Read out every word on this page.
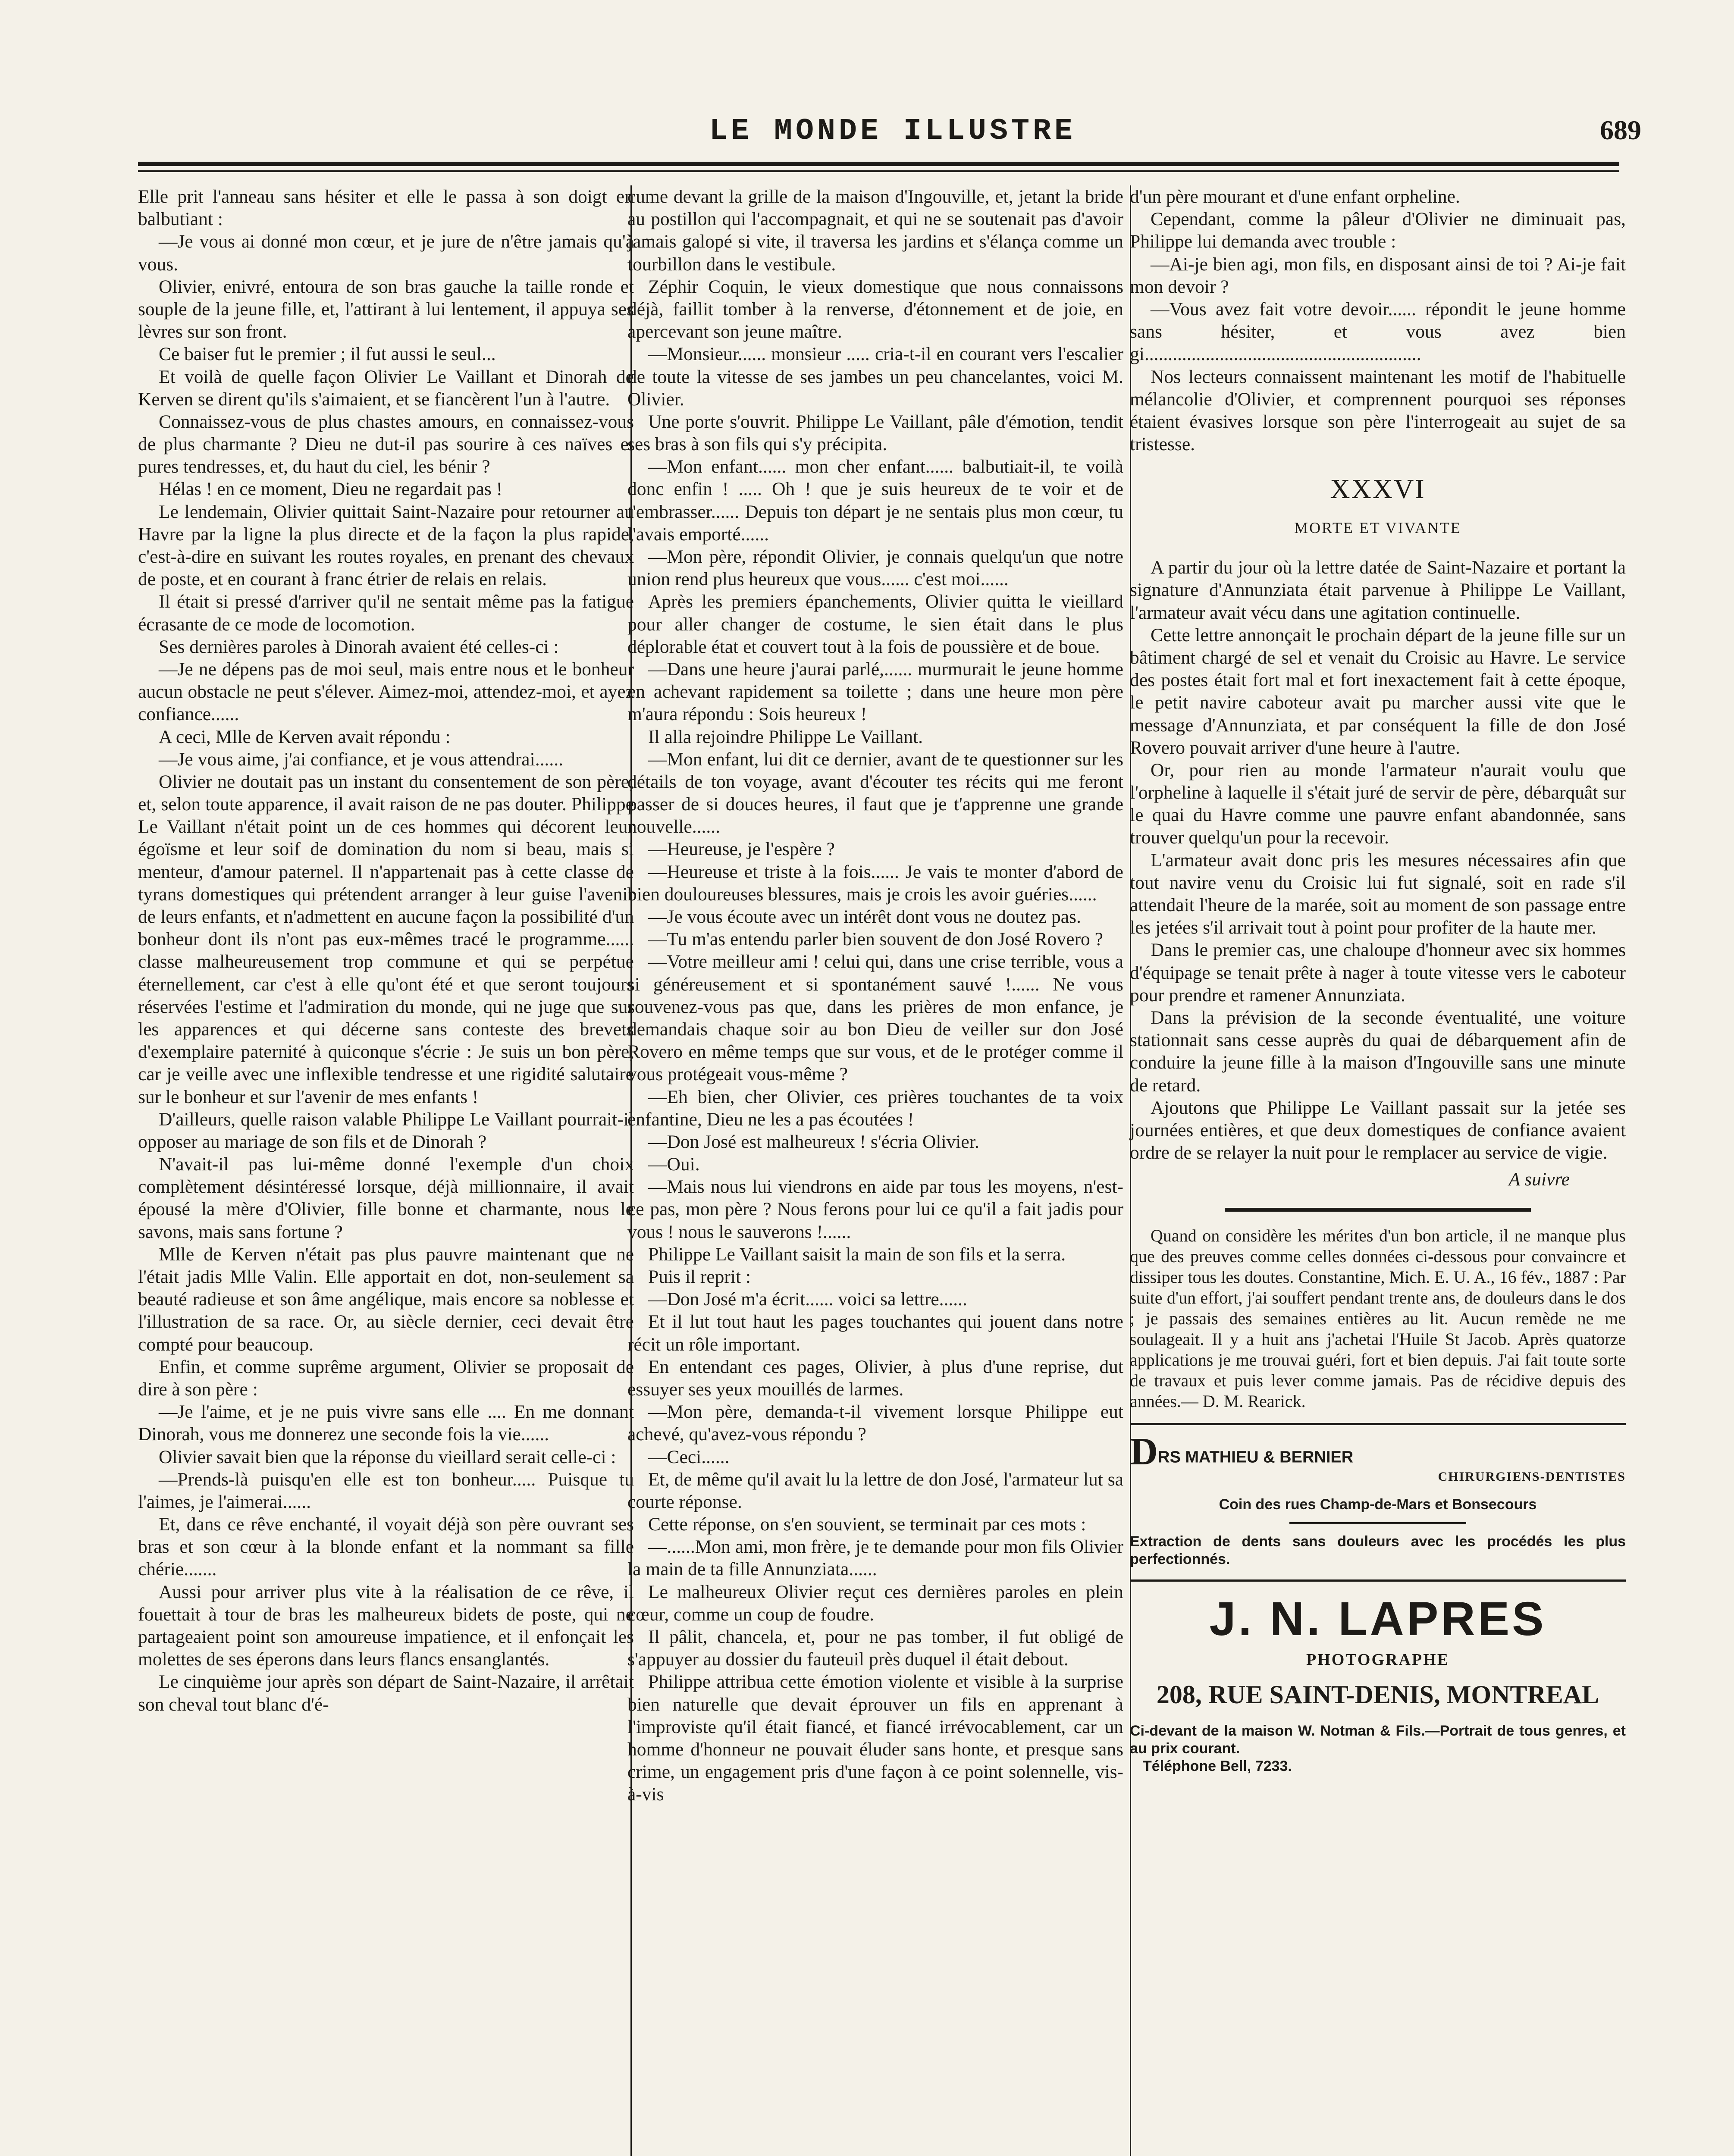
LE MONDE ILLUSTRE	689

Elle prit l'anneau sans hésiter et elle le passa à son doigt en balbutiant :

—Je vous ai donné mon cœur, et je jure de n'être jamais qu'à vous.

Olivier, enivré, entoura de son bras gauche la taille ronde et souple de la jeune fille, et, l'attirant à lui lentement, il appuya ses lèvres sur son front.

Ce baiser fut le premier ; il fut aussi le seul...

Et voilà de quelle façon Olivier Le Vaillant et Dinorah de Kerven se dirent qu'ils s'aimaient, et se fiancèrent l'un à l'autre.

Connaissez-vous de plus chastes amours, en connaissez-vous de plus charmante ? Dieu ne dut-il pas sourire à ces naïves et pures tendresses, et, du haut du ciel, les bénir ?

Hélas ! en ce moment, Dieu ne regardait pas !

Le lendemain, Olivier quittait Saint-Nazaire pour retourner au Havre par la ligne la plus directe et de la façon la plus rapide, c'est-à-dire en suivant les routes royales, en prenant des chevaux de poste, et en courant à franc étrier de relais en relais.

Il était si pressé d'arriver qu'il ne sentait même pas la fatigue écrasante de ce mode de locomotion.

Ses dernières paroles à Dinorah avaient été celles-ci :

—Je ne dépens pas de moi seul, mais entre nous et le bonheur aucun obstacle ne peut s'élever. Aimez-moi, attendez-moi, et ayez confiance......

A ceci, Mlle de Kerven avait répondu :

—Je vous aime, j'ai confiance, et je vous attendrai......

Olivier ne doutait pas un instant du consentement de son père, et, selon toute apparence, il avait raison de ne pas douter. Philippe Le Vaillant n'était point un de ces hommes qui décorent leur égoïsme et leur soif de domination du nom si beau, mais si menteur, d'amour paternel. Il n'appartenait pas à cette classe de tyrans domestiques qui prétendent arranger à leur guise l'avenir de leurs enfants, et n'admettent en aucune façon la possibilité d'un bonheur dont ils n'ont pas eux-mêmes tracé le programme...... classe malheureusement trop commune et qui se perpétue éternellement, car c'est à elle qu'ont été et que seront toujours réservées l'estime et l'admiration du monde, qui ne juge que sur les apparences et qui décerne sans conteste des brevets d'exemplaire paternité à quiconque s'écrie : Je suis un bon père, car je veille avec une inflexible tendresse et une rigidité salutaire sur le bonheur et sur l'avenir de mes enfants !

D'ailleurs, quelle raison valable Philippe Le Vaillant pourrait-il opposer au mariage de son fils et de Dinorah ?

N'avait-il pas lui-même donné l'exemple d'un choix complètement désintéressé lorsque, déjà millionnaire, il avait épousé la mère d'Olivier, fille bonne et charmante, nous le savons, mais sans fortune ?

Mlle de Kerven n'était pas plus pauvre maintenant que ne l'était jadis Mlle Valin. Elle apportait en dot, non-seulement sa beauté radieuse et son âme angélique, mais encore sa noblesse et l'illustration de sa race. Or, au siècle dernier, ceci devait être compté pour beaucoup.

Enfin, et comme suprême argument, Olivier se proposait de dire à son père :

—Je l'aime, et je ne puis vivre sans elle .... En me donnant Dinorah, vous me donnerez une seconde fois la vie......

Olivier savait bien que la réponse du vieillard serait celle-ci :

—Prends-là puisqu'en elle est ton bonheur..... Puisque tu l'aimes, je l'aimerai......

Et, dans ce rêve enchanté, il voyait déjà son père ouvrant ses bras et son cœur à la blonde enfant et la nommant sa fille chérie.......

Aussi pour arriver plus vite à la réalisation de ce rêve, il fouettait à tour de bras les malheureux bidets de poste, qui ne partageaient point son amoureuse impatience, et il enfonçait les molettes de ses éperons dans leurs flancs ensanglantés.

Le cinquième jour après son départ de Saint-Nazaire, il arrêtait son cheval tout blanc d'é-

cume devant la grille de la maison d'Ingouville, et, jetant la bride au postillon qui l'accompagnait, et qui ne se soutenait pas d'avoir jamais galopé si vite, il traversa les jardins et s'élança comme un tourbillon dans le vestibule.

Zéphir Coquin, le vieux domestique que nous connaissons déjà, faillit tomber à la renverse, d'étonnement et de joie, en apercevant son jeune maître.

—Monsieur...... monsieur ..... cria-t-il en courant vers l'escalier de toute la vitesse de ses jambes un peu chancelantes, voici M. Olivier.

Une porte s'ouvrit. Philippe Le Vaillant, pâle d'émotion, tendit ses bras à son fils qui s'y précipita.

—Mon enfant...... mon cher enfant...... balbutiait-il, te voilà donc enfin ! ..... Oh ! que je suis heureux de te voir et de t'embrasser...... Depuis ton départ je ne sentais plus mon cœur, tu l'avais emporté......

—Mon père, répondit Olivier, je connais quelqu'un que notre union rend plus heureux que vous...... c'est moi......

Après les premiers épanchements, Olivier quitta le vieillard pour aller changer de costume, le sien était dans le plus déplorable état et couvert tout à la fois de poussière et de boue.

—Dans une heure j'aurai parlé,...... murmurait le jeune homme en achevant rapidement sa toilette ; dans une heure mon père m'aura répondu : Sois heureux !

Il alla rejoindre Philippe Le Vaillant.

—Mon enfant, lui dit ce dernier, avant de te questionner sur les détails de ton voyage, avant d'écouter tes récits qui me feront passer de si douces heures, il faut que je t'apprenne une grande nouvelle......

—Heureuse, je l'espère ?

—Heureuse et triste à la fois...... Je vais te monter d'abord de bien douloureuses blessures, mais je crois les avoir guéries......

—Je vous écoute avec un intérêt dont vous ne doutez pas.

—Tu m'as entendu parler bien souvent de don José Rovero ?

—Votre meilleur ami ! celui qui, dans une crise terrible, vous a si généreusement et si spontanément sauvé !...... Ne vous souvenez-vous pas que, dans les prières de mon enfance, je demandais chaque soir au bon Dieu de veiller sur don José Rovero en même temps que sur vous, et de le protéger comme il vous protégeait vous-même ?

—Eh bien, cher Olivier, ces prières touchantes de ta voix enfantine, Dieu ne les a pas écoutées !

—Don José est malheureux ! s'écria Olivier.

—Oui.

—Mais nous lui viendrons en aide par tous les moyens, n'est-ce pas, mon père ? Nous ferons pour lui ce qu'il a fait jadis pour vous ! nous le sauverons !......

Philippe Le Vaillant saisit la main de son fils et la serra.

Puis il reprit :

—Don José m'a écrit...... voici sa lettre......

Et il lut tout haut les pages touchantes qui jouent dans notre récit un rôle important.

En entendant ces pages, Olivier, à plus d'une reprise, dut essuyer ses yeux mouillés de larmes.

—Mon père, demanda-t-il vivement lorsque Philippe eut achevé, qu'avez-vous répondu ?

—Ceci......

Et, de même qu'il avait lu la lettre de don José, l'armateur lut sa courte réponse.

Cette réponse, on s'en souvient, se terminait par ces mots :

—......Mon ami, mon frère, je te demande pour mon fils Olivier la main de ta fille Annunziata......

Le malheureux Olivier reçut ces dernières paroles en plein cœur, comme un coup de foudre.

Il pâlit, chancela, et, pour ne pas tomber, il fut obligé de s'appuyer au dossier du fauteuil près duquel il était debout.

Philippe attribua cette émotion violente et visible à la surprise bien naturelle que devait éprouver un fils en apprenant à l'improviste qu'il était fiancé, et fiancé irrévocablement, car un homme d'honneur ne pouvait éluder sans honte, et presque sans crime, un engagement pris d'une façon à ce point solennelle, vis-à-vis

d'un père mourant et d'une enfant orpheline.

Cependant, comme la pâleur d'Olivier ne diminuait pas, Philippe lui demanda avec trouble :

—Ai-je bien agi, mon fils, en disposant ainsi de toi ? Ai-je fait mon devoir ?

—Vous avez fait votre devoir...... répondit le jeune homme sans hésiter, et vous avez bien gi...........................................................

Nos lecteurs connaissent maintenant les motif de l'habituelle mélancolie d'Olivier, et comprennent pourquoi ses réponses étaient évasives lorsque son père l'interrogeait au sujet de sa tristesse.

XXXVI
MORTE ET VIVANTE

A partir du jour où la lettre datée de Saint-Nazaire et portant la signature d'Annunziata était parvenue à Philippe Le Vaillant, l'armateur avait vécu dans une agitation continuelle.

Cette lettre annonçait le prochain départ de la jeune fille sur un bâtiment chargé de sel et venait du Croisic au Havre. Le service des postes était fort mal et fort inexactement fait à cette époque, le petit navire caboteur avait pu marcher aussi vite que le message d'Annunziata, et par conséquent la fille de don José Rovero pouvait arriver d'une heure à l'autre.

Or, pour rien au monde l'armateur n'aurait voulu que l'orpheline à laquelle il s'était juré de servir de père, débarquât sur le quai du Havre comme une pauvre enfant abandonnée, sans trouver quelqu'un pour la recevoir.

L'armateur avait donc pris les mesures nécessaires afin que tout navire venu du Croisic lui fut signalé, soit en rade s'il attendait l'heure de la marée, soit au moment de son passage entre les jetées s'il arrivait tout à point pour profiter de la haute mer.

Dans le premier cas, une chaloupe d'honneur avec six hommes d'équipage se tenait prête à nager à toute vitesse vers le caboteur pour prendre et ramener Annunziata.

Dans la prévision de la seconde éventualité, une voiture stationnait sans cesse auprès du quai de débarquement afin de conduire la jeune fille à la maison d'Ingouville sans une minute de retard.

Ajoutons que Philippe Le Vaillant passait sur la jetée ses journées entières, et que deux domestiques de confiance avaient ordre de se relayer la nuit pour le remplacer au service de vigie.

A suivre

Quand on considère les mérites d'un bon article, il ne manque plus que des preuves comme celles données ci-dessous pour convaincre et dissiper tous les doutes. Constantine, Mich. E. U. A., 16 fév., 1887 : Par suite d'un effort, j'ai souffert pendant trente ans, de douleurs dans le dos ; je passais des semaines entières au lit. Aucun remède ne me soulageait. Il y a huit ans j'achetai l'Huile St Jacob. Après quatorze applications je me trouvai guéri, fort et bien depuis. J'ai fait toute sorte de travaux et puis lever comme jamais. Pas de récidive depuis des années.— D. M. Rearick.

DRS MATHIEU & BERNIER
CHIRURGIENS-DENTISTES
Coin des rues Champ-de-Mars et Bonsecours
Extraction de dents sans douleurs avec les procédés les plus perfectionnés.
J. N. LAPRES
PHOTOGRAPHE
208, RUE SAINT-DENIS, MONTREAL
Ci-devant de la maison W. Notman & Fils.—Portrait de tous genres, et au prix courant.
Téléphone Bell, 7233.
